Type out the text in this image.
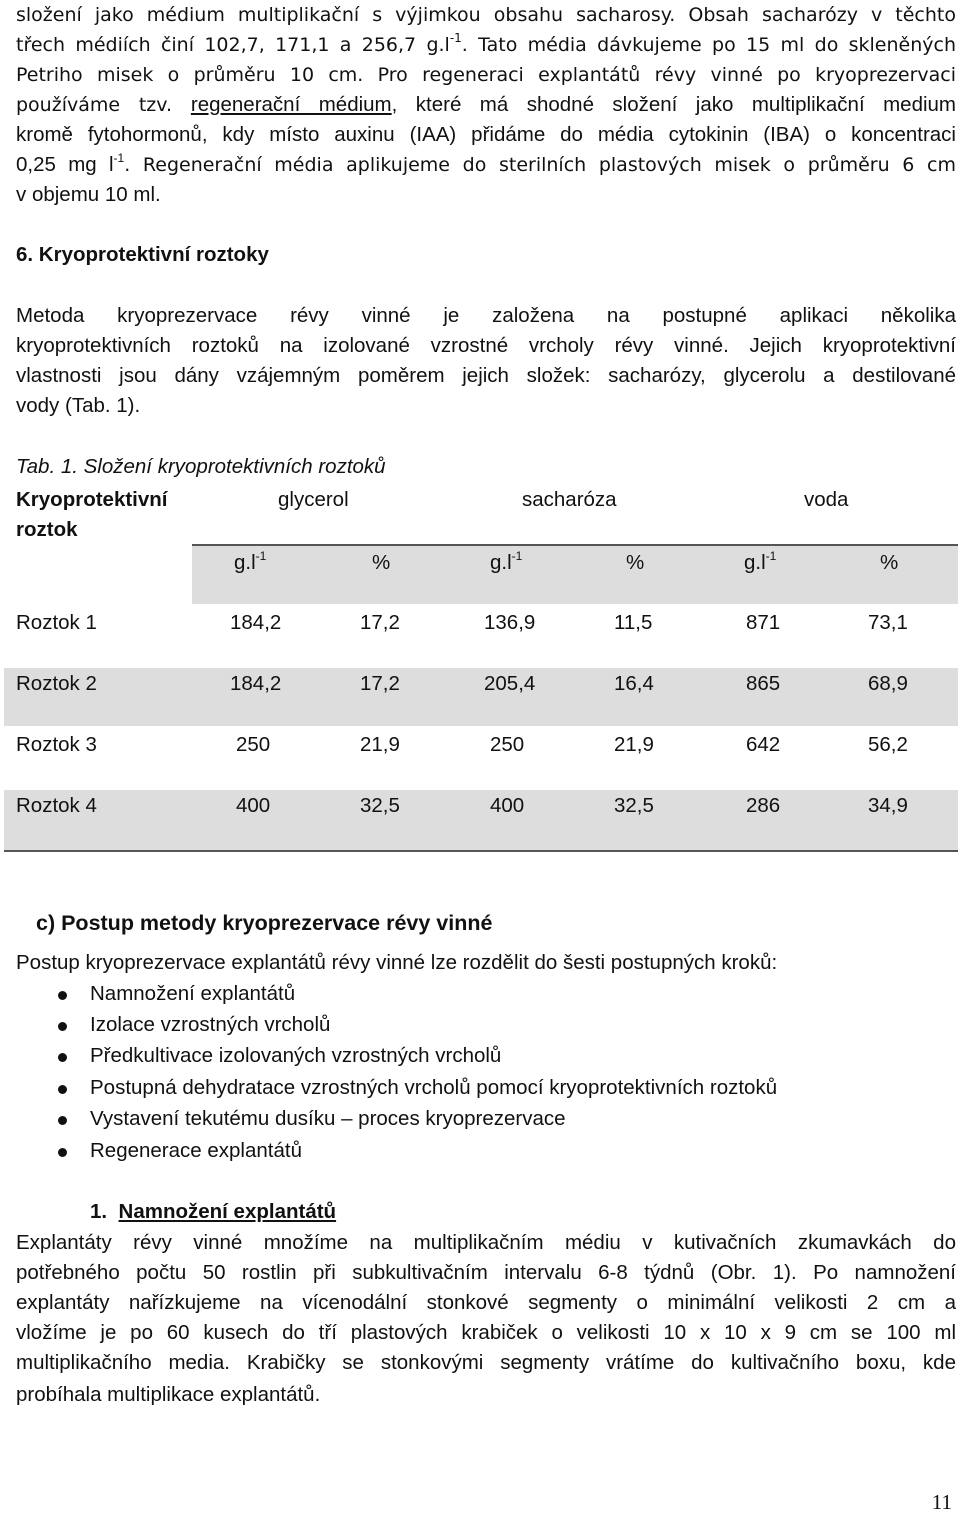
složení jako médium multiplikační s výjimkou obsahu sacharosy. Obsah sacharózy v těchto
třech médiích činí 102,7, 171,1 a 256,7 $g.l^{-1}$. Tato média dávkujeme po 15 ml do skleněných
Petriho misek o průměru 10 cm. Pro regeneraci explantátů révy vinné po kryoprezervaci
používáme tzv. regenerační médium, které má shodné složení jako multiplikační medium
kromě fytohormonů, kdy místo auxinu (IAA) přidáme do média cytokinin (IBA) o koncentraci
0,25 mg $l^{-1}$. Regenerační média aplikujeme do sterilních plastových misek o průměru 6 cm
v objemu 10 ml.
6. Kryoprotektivní roztoky
Metoda kryoprezervace révy vinné je založena na postupné aplikaci několika
kryoprotektivních roztoků na izolované vzrostné vrcholy révy vinné. Jejich kryoprotektivní
vlastnosti jsou dány vzájemným poměrem jejich složek: sacharózy, glycerolu a destilované
vody (Tab. 1).
Tab. 1. Složení kryoprotektivních roztoků
Kryoprotektivní
roztok
glycerol	sacharóza	voda
$g.l^{-1}$	%	$g.l^{-1}$	%	$g.l^{-1}$	%
Roztok 1	184,2	17,2	136,9	11,5	871	73,1
Roztok 2	184,2	17,2	205,4	16,4	865	68,9
Roztok 3	250	21,9	250	21,9	642	56,2
Roztok 4	400	32,5	400	32,5	286	34,9
c) Postup metody kryoprezervace révy vinné
Postup kryoprezervace explantátů révy vinné lze rozdělit do šesti postupných kroků:
Namnožení explantátů
Izolace vzrostných vrcholů
Předkultivace izolovaných vzrostných vrcholů
Postupná dehydratace vzrostných vrcholů pomocí kryoprotektivních roztoků
Vystavení tekutému dusíku – proces kryoprezervace
Regenerace explantátů
1. Namnožení explantátů
Explantáty révy vinné množíme na multiplikačním médiu v kutivačních zkumavkách do
potřebného počtu 50 rostlin při subkultivačním intervalu 6-8 týdnů (Obr. 1). Po namnožení
explantáty nařízkujeme na vícenodální stonkové segmenty o minimální velikosti 2 cm a
vložíme je po 60 kusech do tří plastových krabiček o velikosti 10 x 10 x 9 cm se 100 ml
multiplikačního media. Krabičky se stonkovými segmenty vrátíme do kultivačního boxu, kde
probíhala multiplikace explantátů.
11
